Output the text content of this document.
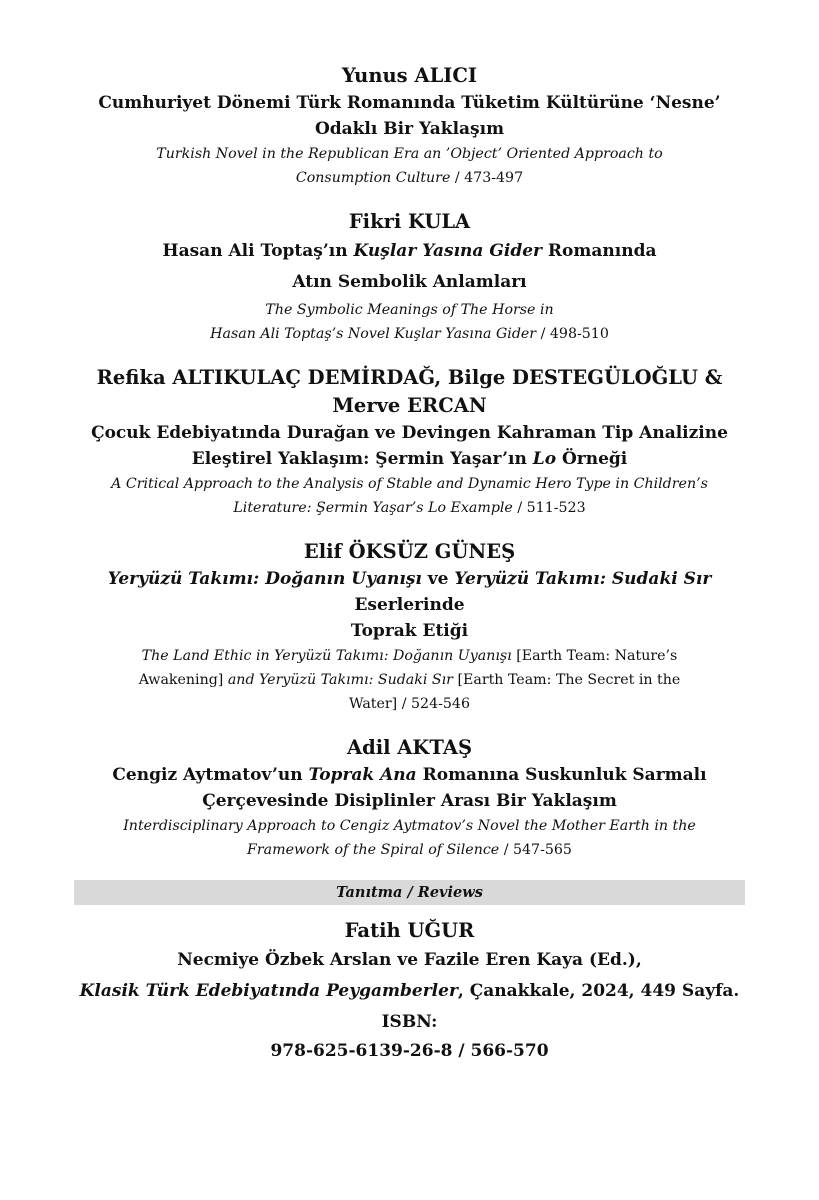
Yunus ALICI
Cumhuriyet Dönemi Türk Romanında Tüketim Kültürüne ‘Nesne’
Odaklı Bir Yaklaşım
Turkish Novel in the Republican Era an ’Object’ Oriented Approach to
Consumption Culture / 473-497
Fikri KULA
Hasan Ali Toptaş’ın Kuşlar Yasına Gider Romanında
Atın Sembolik Anlamları
The Symbolic Meanings of The Horse in
Hasan Ali Toptaş’s Novel Kuşlar Yasına Gider / 498-510
Refika ALTIKULAÇ DEMİRDAĞ, Bilge DESTEGÜLOĞLU &
Merve ERCAN
Çocuk Edebiyatında Durağan ve Devingen Kahraman Tip Analizine
Eleştirel Yaklaşım: Şermin Yaşar’ın Lo Örneği
A Critical Approach to the Analysis of Stable and Dynamic Hero Type in Children’s
Literature: Şermin Yaşar’s Lo Example / 511-523
Elif ÖKSÜZ GÜNEŞ
Yeryüzü Takımı: Doğanın Uyanışı ve Yeryüzü Takımı: Sudaki Sır Eserlerinde
Toprak Etiği
The Land Ethic in Yeryüzü Takımı: Doğanın Uyanışı [Earth Team: Nature’s
Awakening] and Yeryüzü Takımı: Sudaki Sır [Earth Team: The Secret in the
Water] / 524-546
Adil AKTAŞ
Cengiz Aytmatov’un Toprak Ana Romanına Suskunluk Sarmalı
Çerçevesinde Disiplinler Arası Bir Yaklaşım
Interdisciplinary Approach to Cengiz Aytmatov’s Novel the Mother Earth in the
Framework of the Spiral of Silence / 547-565
Tanıtma / Reviews
Fatih UĞUR
Necmiye Özbek Arslan ve Fazile Eren Kaya (Ed.),
Klasik Türk Edebiyatında Peygamberler, Çanakkale, 2024, 449 Sayfa. ISBN:
978-625-6139-26-8 / 566-570
